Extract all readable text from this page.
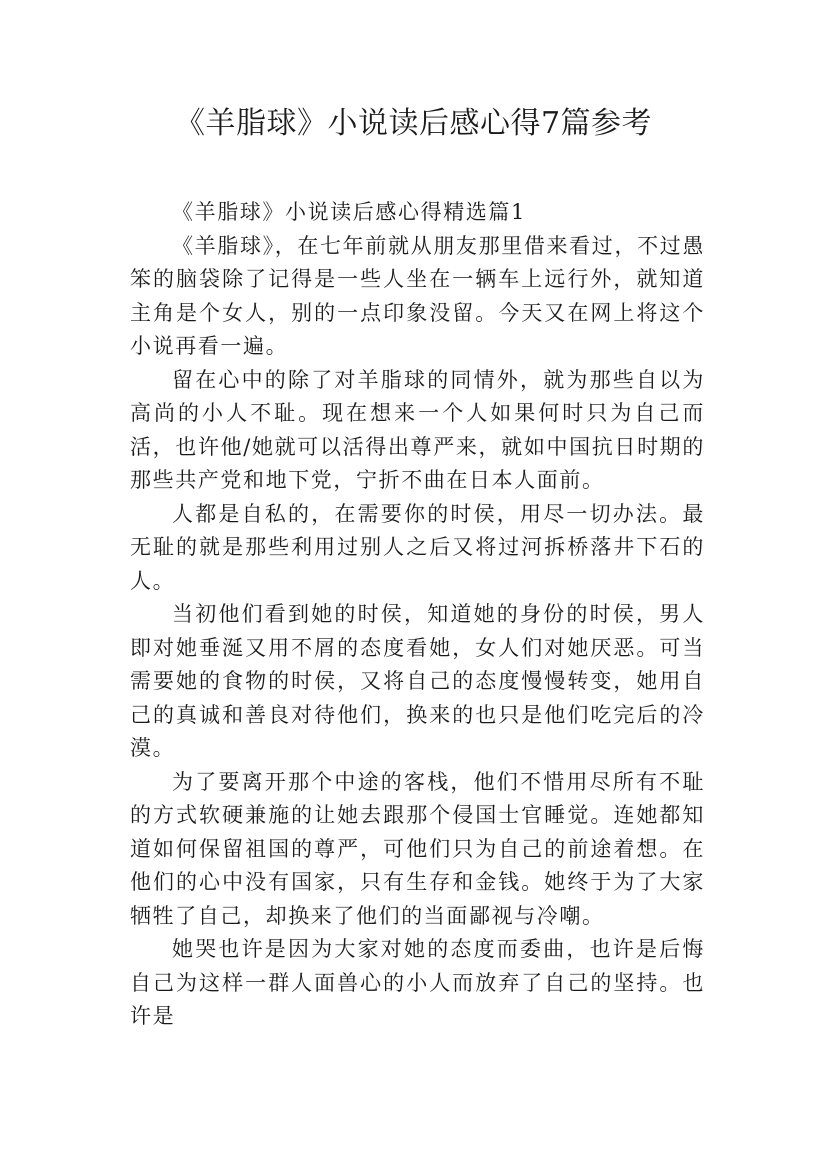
《羊脂球》小说读后感心得7篇参考

《羊脂球》小说读后感心得精选篇1

《羊脂球》，在七年前就从朋友那里借来看过，不过愚笨的脑袋除了记得是一些人坐在一辆车上远行外，就知道主角是个女人，别的一点印象没留。今天又在网上将这个小说再看一遍。

留在心中的除了对羊脂球的同情外，就为那些自以为高尚的小人不耻。现在想来一个人如果何时只为自己而活，也许他/她就可以活得出尊严来，就如中国抗日时期的那些共产党和地下党，宁折不曲在日本人面前。

人都是自私的，在需要你的时侯，用尽一切办法。最无耻的就是那些利用过别人之后又将过河拆桥落井下石的人。

当初他们看到她的时侯，知道她的身份的时侯，男人即对她垂涎又用不屑的态度看她，女人们对她厌恶。可当需要她的食物的时侯，又将自己的态度慢慢转变，她用自己的真诚和善良对待他们，换来的也只是他们吃完后的冷漠。

为了要离开那个中途的客栈，他们不惜用尽所有不耻的方式软硬兼施的让她去跟那个侵国士官睡觉。连她都知道如何保留祖国的尊严，可他们只为自己的前途着想。在他们的心中没有国家，只有生存和金钱。她终于为了大家牺牲了自己，却换来了他们的当面鄙视与冷嘲。

她哭也许是因为大家对她的态度而委曲，也许是后悔自己为这样一群人面兽心的小人而放弃了自己的坚持。也许是
